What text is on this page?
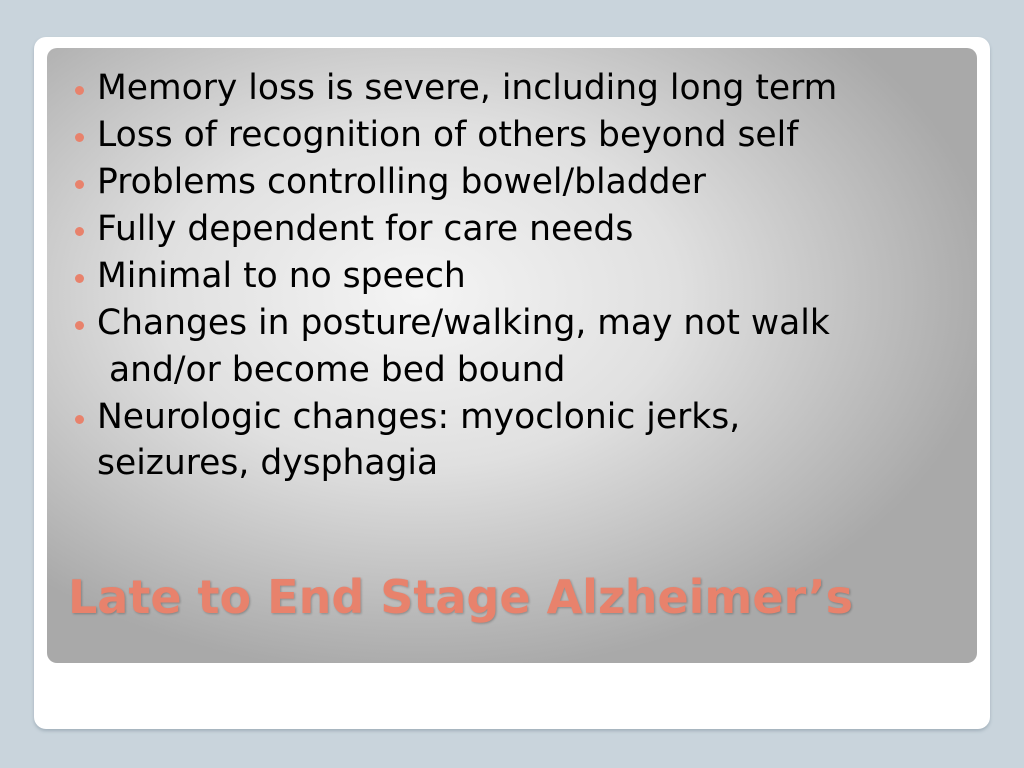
Memory loss is severe, including long term
Loss of recognition of others beyond self
Problems controlling bowel/bladder
Fully dependent for care needs
Minimal to no speech
Changes in posture/walking, may not walk
and/or become bed bound
Neurologic changes: myoclonic jerks, seizures, dysphagia
Late to End Stage Alzheimer’s
